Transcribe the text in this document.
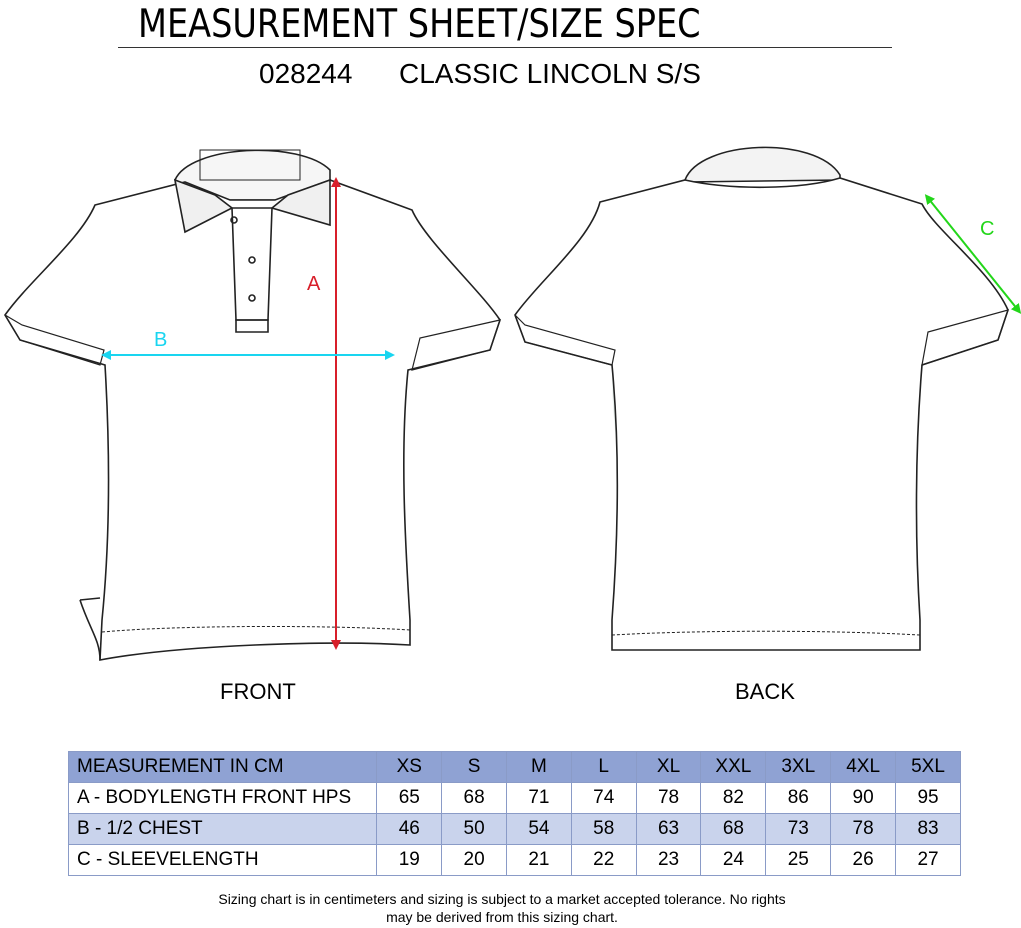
MEASUREMENT SHEET/SIZE SPEC
028244 CLASSIC LINCOLN S/S
A
B
C
FRONT	BACK
MEASUREMENT IN CM	XS	S	M	L	XL	XXL	3XL	4XL	5XL
A - BODYLENGTH FRONT HPS	65	68	71	74	78	82	86	90	95
B - 1/2 CHEST	46	50	54	58	63	68	73	78	83
C - SLEEVELENGTH	19	20	21	22	23	24	25	26	27
Sizing chart is in centimeters and sizing is subject to a market accepted tolerance. No rights
may be derived from this sizing chart.
